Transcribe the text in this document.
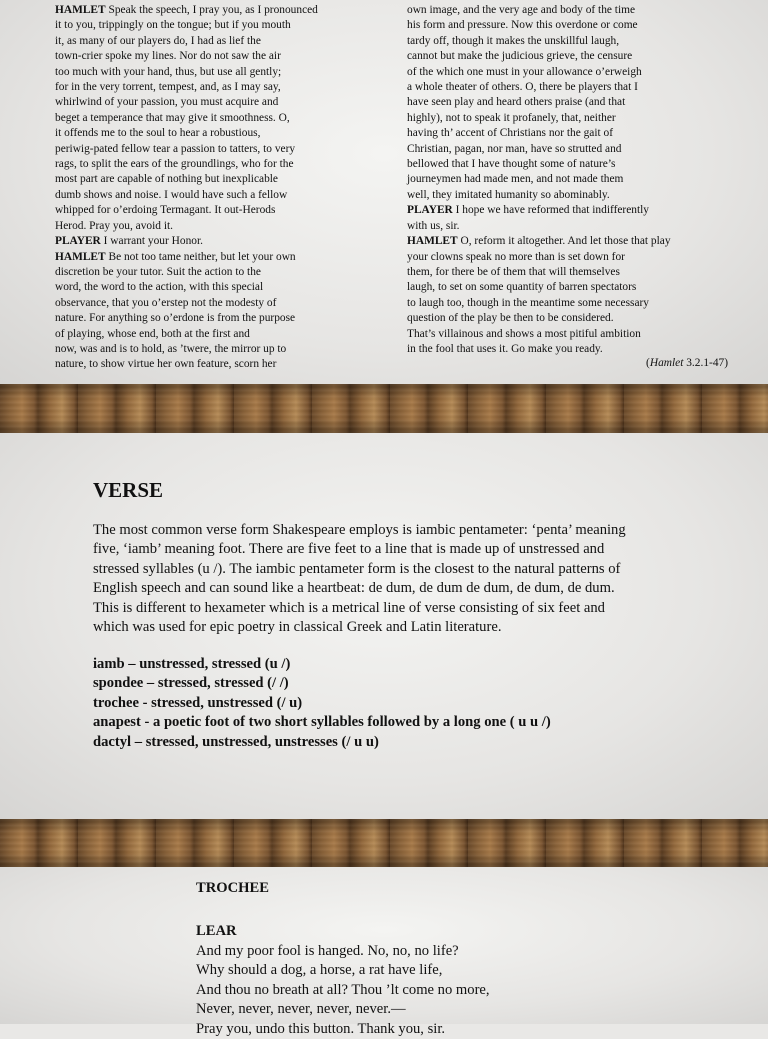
HAMLET Speak the speech, I pray you, as I pronounced

it to you, trippingly on the tongue; but if you mouth

it, as many of our players do, I had as lief the

town-crier spoke my lines. Nor do not saw the air

too much with your hand, thus, but use all gently;

for in the very torrent, tempest, and, as I may say,

whirlwind of your passion, you must acquire and

beget a temperance that may give it smoothness. O,

it offends me to the soul to hear a robustious,

periwig-pated fellow tear a passion to tatters, to very

rags, to split the ears of the groundlings, who for the

most part are capable of nothing but inexplicable

dumb shows and noise. I would have such a fellow

whipped for o’erdoing Termagant. It out-Herods

Herod. Pray you, avoid it.

PLAYER I warrant your Honor.

HAMLET Be not too tame neither, but let your own

discretion be your tutor. Suit the action to the

word, the word to the action, with this special

observance, that you o’erstep not the modesty of

nature. For anything so o’erdone is from the purpose

of playing, whose end, both at the first and

now, was and is to hold, as ’twere, the mirror up to

nature, to show virtue her own feature, scorn her

own image, and the very age and body of the time

his form and pressure. Now this overdone or come

tardy off, though it makes the unskillful laugh,

cannot but make the judicious grieve, the censure

of the which one must in your allowance o’erweigh

a whole theater of others. O, there be players that I

have seen play and heard others praise (and that

highly), not to speak it profanely, that, neither

having th’ accent of Christians nor the gait of

Christian, pagan, nor man, have so strutted and

bellowed that I have thought some of nature’s

journeymen had made men, and not made them

well, they imitated humanity so abominably.

PLAYER I hope we have reformed that indifferently

with us, sir.

HAMLET O, reform it altogether. And let those that play

your clowns speak no more than is set down for

them, for there be of them that will themselves

laugh, to set on some quantity of barren spectators

to laugh too, though in the meantime some necessary

question of the play be then to be considered.

That’s villainous and shows a most pitiful ambition

in the fool that uses it. Go make you ready.

(Hamlet 3.2.1-47)
VERSE

The most common verse form Shakespeare employs is iambic pentameter: ‘penta’ meaning

five, ‘iamb’ meaning foot. There are five feet to a line that is made up of unstressed and

stressed syllables (u /). The iambic pentameter form is the closest to the natural patterns of

English speech and can sound like a heartbeat: de dum, de dum de dum, de dum, de dum.

This is different to hexameter which is a metrical line of verse consisting of six feet and

which was used for epic poetry in classical Greek and Latin literature.

iamb – unstressed, stressed (u /)

spondee – stressed, stressed (/ /)

trochee - stressed, unstressed (/ u)

anapest - a poetic foot of two short syllables followed by a long one ( u u /)

dactyl – stressed, unstressed, unstresses (/ u u)

TROCHEE
LEAR

And my poor fool is hanged. No, no, no life?

Why should a dog, a horse, a rat have life,

And thou no breath at all? Thou ’lt come no more,

Never, never, never, never, never.—

Pray you, undo this button. Thank you, sir.
